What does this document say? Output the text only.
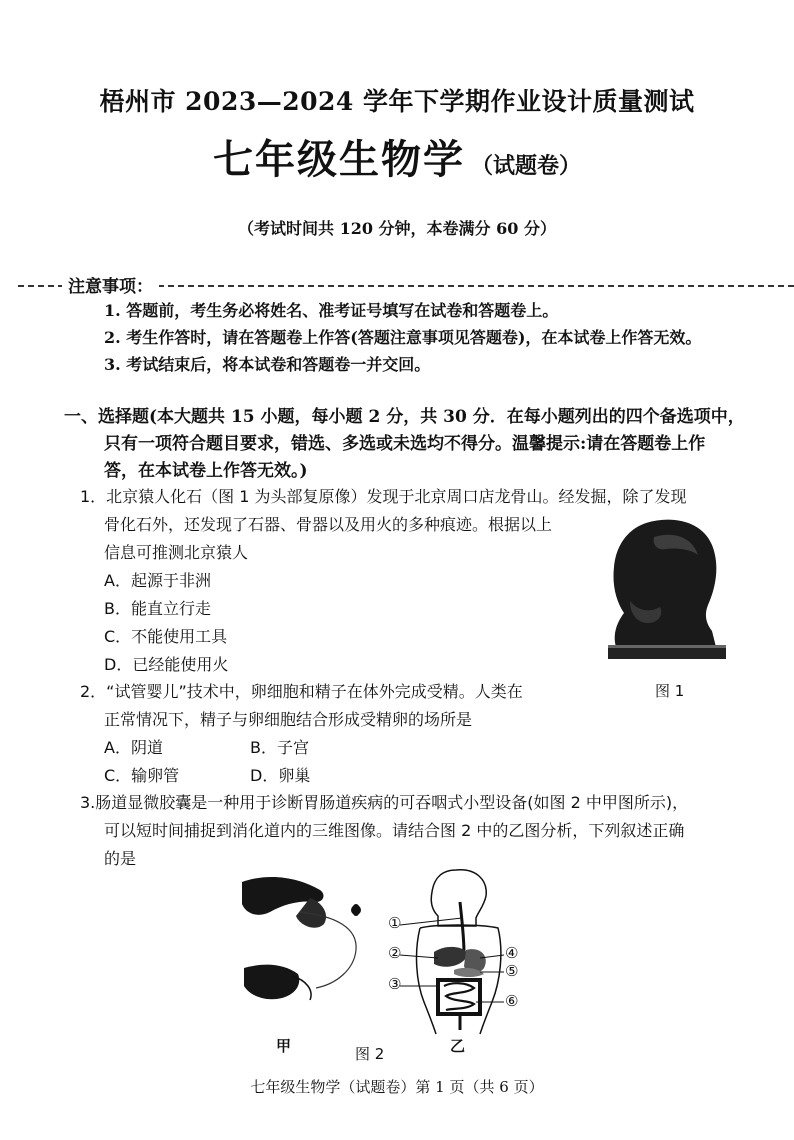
梧州市 2023—2024 学年下学期作业设计质量测试
七年级生物学 （试题卷）
（考试时间共 120 分钟，本卷满分 60 分）
注意事项：
1. 答题前，考生务必将姓名、准考证号填写在试卷和答题卷上。
2. 考生作答时，请在答题卷上作答(答题注意事项见答题卷)，在本试卷上作答无效。
3. 考试结束后，将本试卷和答题卷一并交回。
一、选择题(本大题共 15 小题，每小题 2 分，共 30 分．在每小题列出的四个备选项中，
只有一项符合题目要求，错选、多选或未选均不得分。温馨提示:请在答题卷上作
答，在本试卷上作答无效。)
1．北京猿人化石（图 1 为头部复原像）发现于北京周口店龙骨山。经发掘，除了发现
骨化石外，还发现了石器、骨器以及用火的多种痕迹。根据以上
信息可推测北京猿人
A．起源于非洲
B．能直立行走
C．不能使用工具
D．已经能使用火
图 1
2．“试管婴儿”技术中，卵细胞和精子在体外完成受精。人类在
正常情况下，精子与卵细胞结合形成受精卵的场所是
A．阴道	B．子宫
C．输卵管	D．卵巢
3.肠道显微胶囊是一种用于诊断胃肠道疾病的可吞咽式小型设备(如图 2 中甲图所示)，
可以短时间捕捉到消化道内的三维图像。请结合图 2 中的乙图分析，下列叙述正确
的是
甲
①
②
③
④
⑤
⑥
图 2	乙
七年级生物学（试题卷）第 1 页（共 6 页）
